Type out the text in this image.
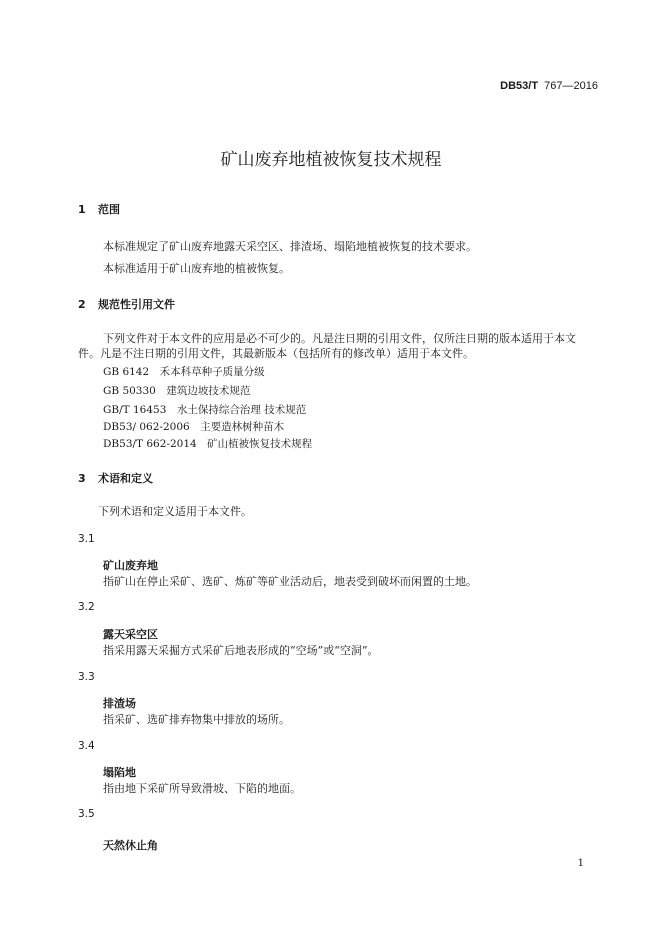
DB53/T 767—2016
矿山废弃地植被恢复技术规程
1 范围
本标准规定了矿山废弃地露天采空区、排渣场、塌陷地植被恢复的技术要求。
本标准适用于矿山废弃地的植被恢复。
2 规范性引用文件
下列文件对于本文件的应用是必不可少的。凡是注日期的引用文件，仅所注日期的版本适用于本文
件。凡是不注日期的引用文件，其最新版本（包括所有的修改单）适用于本文件。
GB 6142　禾本科草种子质量分级
GB 50330　建筑边坡技术规范
GB/T 16453　水土保持综合治理 技术规范
DB53/ 062-2006　主要造林树种苗木
DB53/T 662-2014　矿山植被恢复技术规程
3 术语和定义
下列术语和定义适用于本文件。
3.1
矿山废弃地
指矿山在停止采矿、选矿、炼矿等矿业活动后，地表受到破坏而闲置的土地。
3.2
露天采空区
指采用露天采掘方式采矿后地表形成的“空场”或“空洞”。
3.3
排渣场
指采矿、选矿排弃物集中排放的场所。
3.4
塌陷地
指由地下采矿所导致滑坡、下陷的地面。
3.5
天然休止角
1
